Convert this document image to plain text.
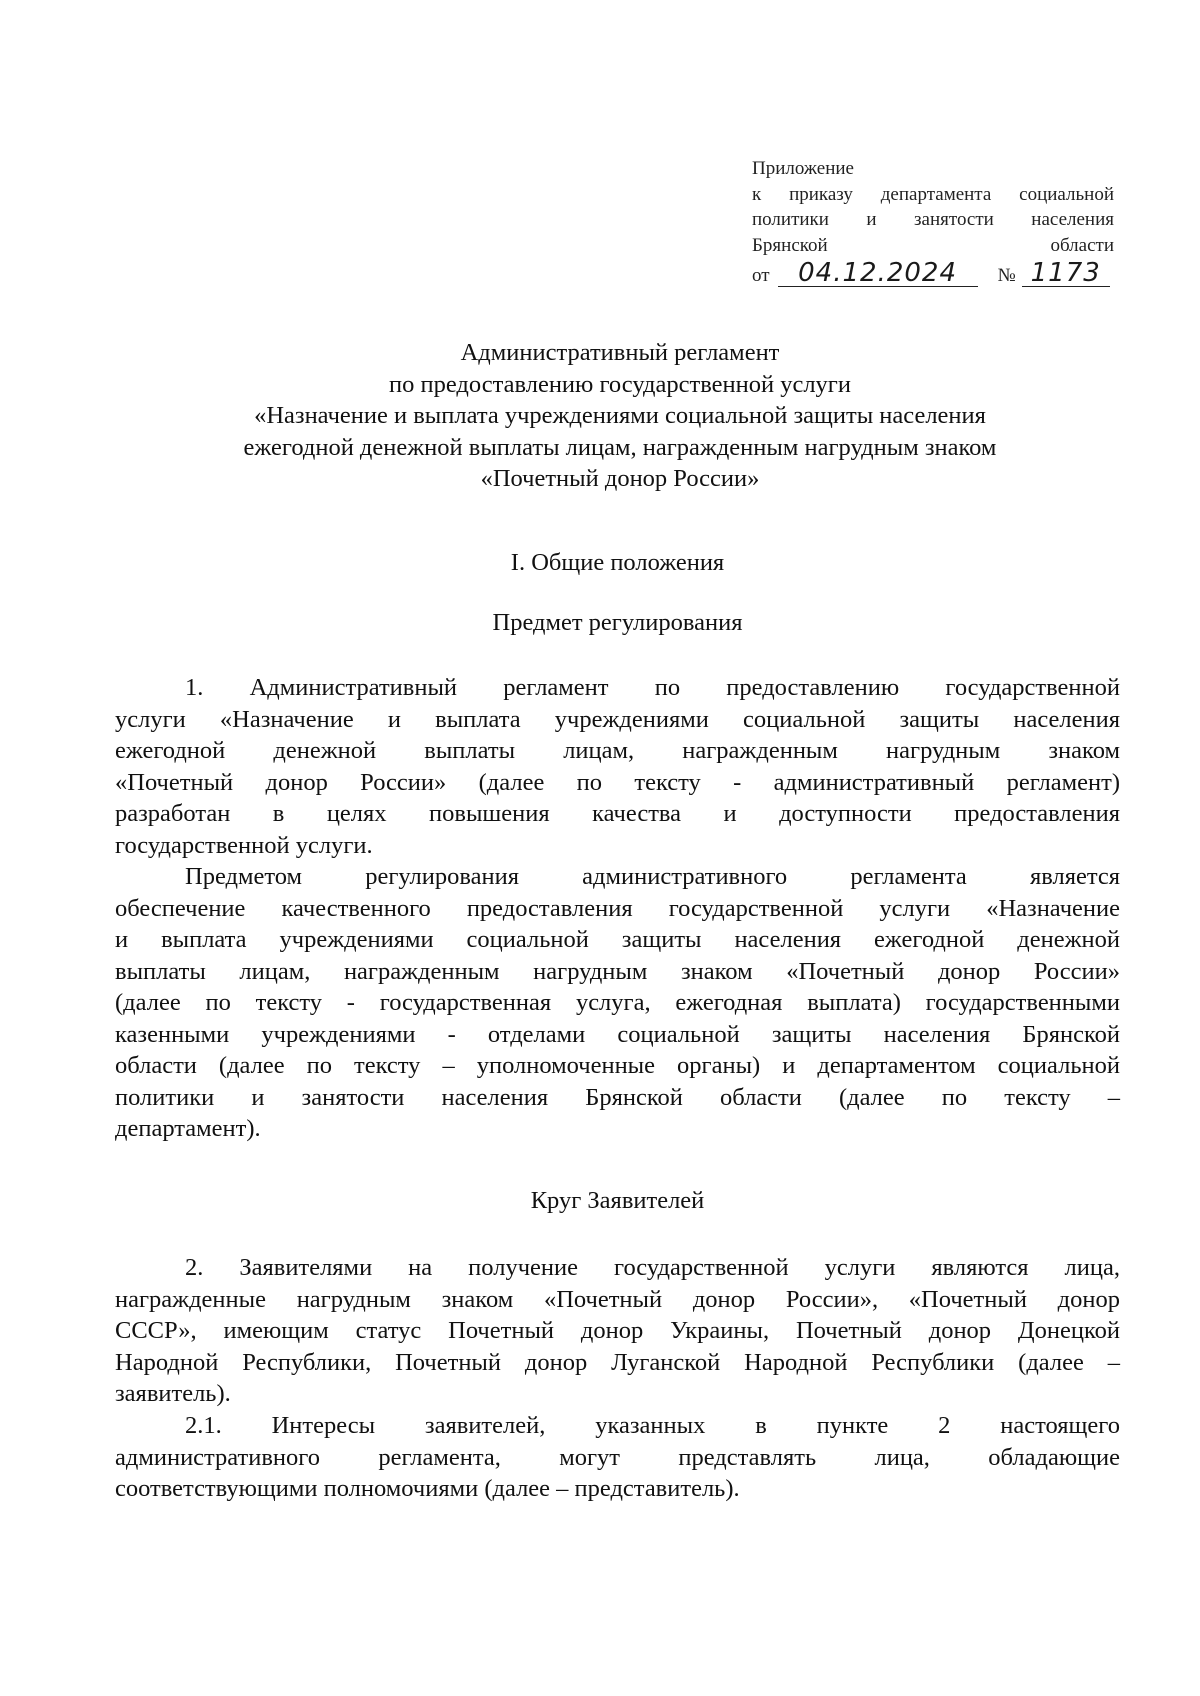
Приложение
к приказу департамента социальной
политики и занятости населения
Брянской области
от	04.12.2024	№ 1173
Административный регламент
по предоставлению государственной услуги
«Назначение и выплата учреждениями социальной защиты населения
ежегодной денежной выплаты лицам, награжденным нагрудным знаком
«Почетный донор России»
I. Общие положения
Предмет регулирования
1. Административный регламент по предоставлению государственной
услуги «Назначение и выплата учреждениями социальной защиты населения
ежегодной денежной выплаты лицам, награжденным нагрудным знаком
«Почетный донор России» (далее по тексту - административный регламент)
разработан в целях повышения качества и доступности предоставления
государственной услуги.
Предметом регулирования административного регламента является
обеспечение качественного предоставления государственной услуги «Назначение
и выплата учреждениями социальной защиты населения ежегодной денежной
выплаты лицам, награжденным нагрудным знаком «Почетный донор России»
(далее по тексту - государственная услуга, ежегодная выплата) государственными
казенными учреждениями - отделами социальной защиты населения Брянской
области (далее по тексту – уполномоченные органы) и департаментом социальной
политики и занятости населения Брянской области (далее по тексту –
департамент).
Круг Заявителей
2. Заявителями на получение государственной услуги являются лица,
награжденные нагрудным знаком «Почетный донор России», «Почетный донор
СССР», имеющим статус Почетный донор Украины, Почетный донор Донецкой
Народной Республики, Почетный донор Луганской Народной Республики (далее –
заявитель).
2.1. Интересы заявителей, указанных в пункте 2 настоящего
административного регламента, могут представлять лица, обладающие
соответствующими полномочиями (далее – представитель).
